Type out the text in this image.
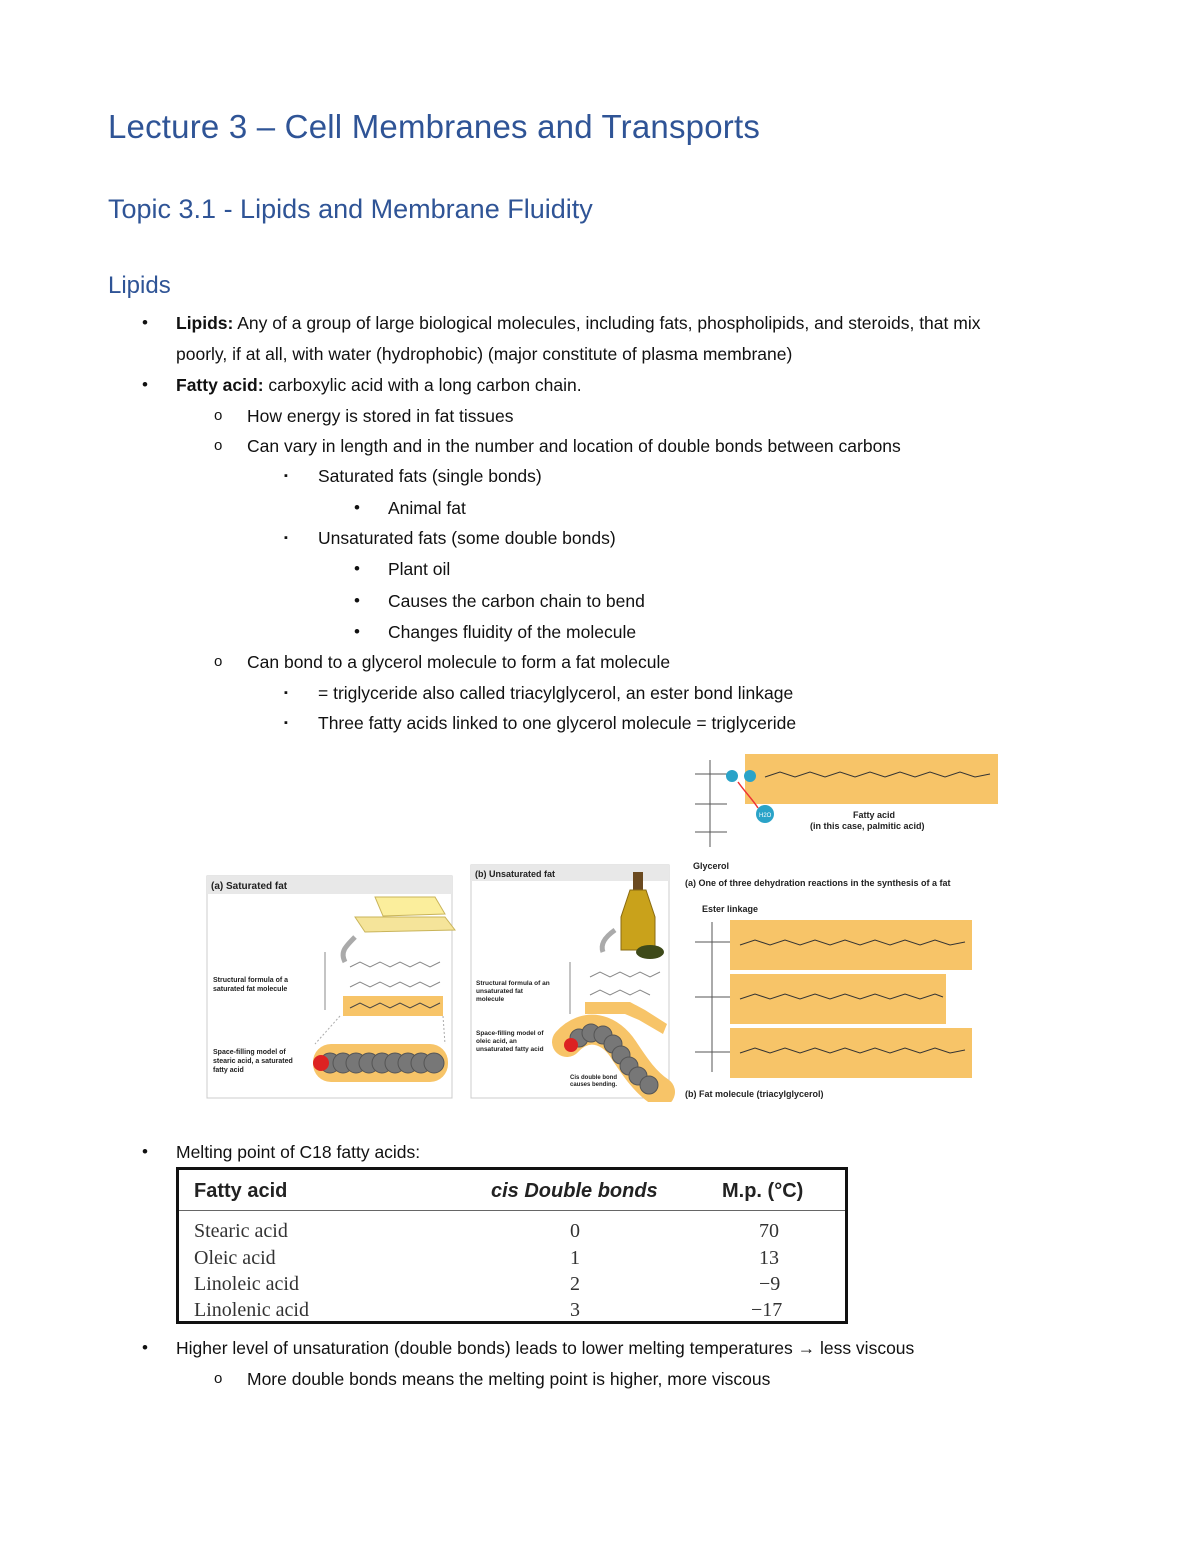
Lecture 3 – Cell Membranes and Transports
Topic 3.1 - Lipids and Membrane Fluidity
Lipids
• Lipids: Any of a group of large biological molecules, including fats, phospholipids, and steroids, that mix
poorly, if at all, with water (hydrophobic) (major constitute of plasma membrane)
• Fatty acid: carboxylic acid with a long carbon chain.
o How energy is stored in fat tissues
o Can vary in length and in the number and location of double bonds between carbons
▪ Saturated fats (single bonds)
• Animal fat
▪ Unsaturated fats (some double bonds)
• Plant oil
• Causes the carbon chain to bend
• Changes fluidity of the molecule
o Can bond to a glycerol molecule to form a fat molecule
▪ = triglyceride also called triacylglycerol, an ester bond linkage
▪ Three fatty acids linked to one glycerol molecule = triglyceride
(a) Saturated fat
Structural formula of a
saturated fat molecule
Space-filling model of
stearic acid, a saturated
fatty acid
(b) Unsaturated fat
Structural formula of an
unsaturated fat
molecule
Space-filling model of
oleic acid, an
unsaturated fatty acid
Cis double bond
causes bending.
H2O	Fatty acid
(in this case, palmitic acid)
Glycerol
(a) One of three dehydration reactions in the synthesis of a fat
Ester linkage
(b) Fat molecule (triacylglycerol)
• Melting point of C18 fatty acids:
Fatty acid	cis Double bonds	M.p. (°C)
Stearic acid	0	70
Oleic acid	1	13
Linoleic acid	2	−9
Linolenic acid	3	−17
• Higher level of unsaturation (double bonds) leads to lower melting temperatures → less viscous
o More double bonds means the melting point is higher, more viscous
